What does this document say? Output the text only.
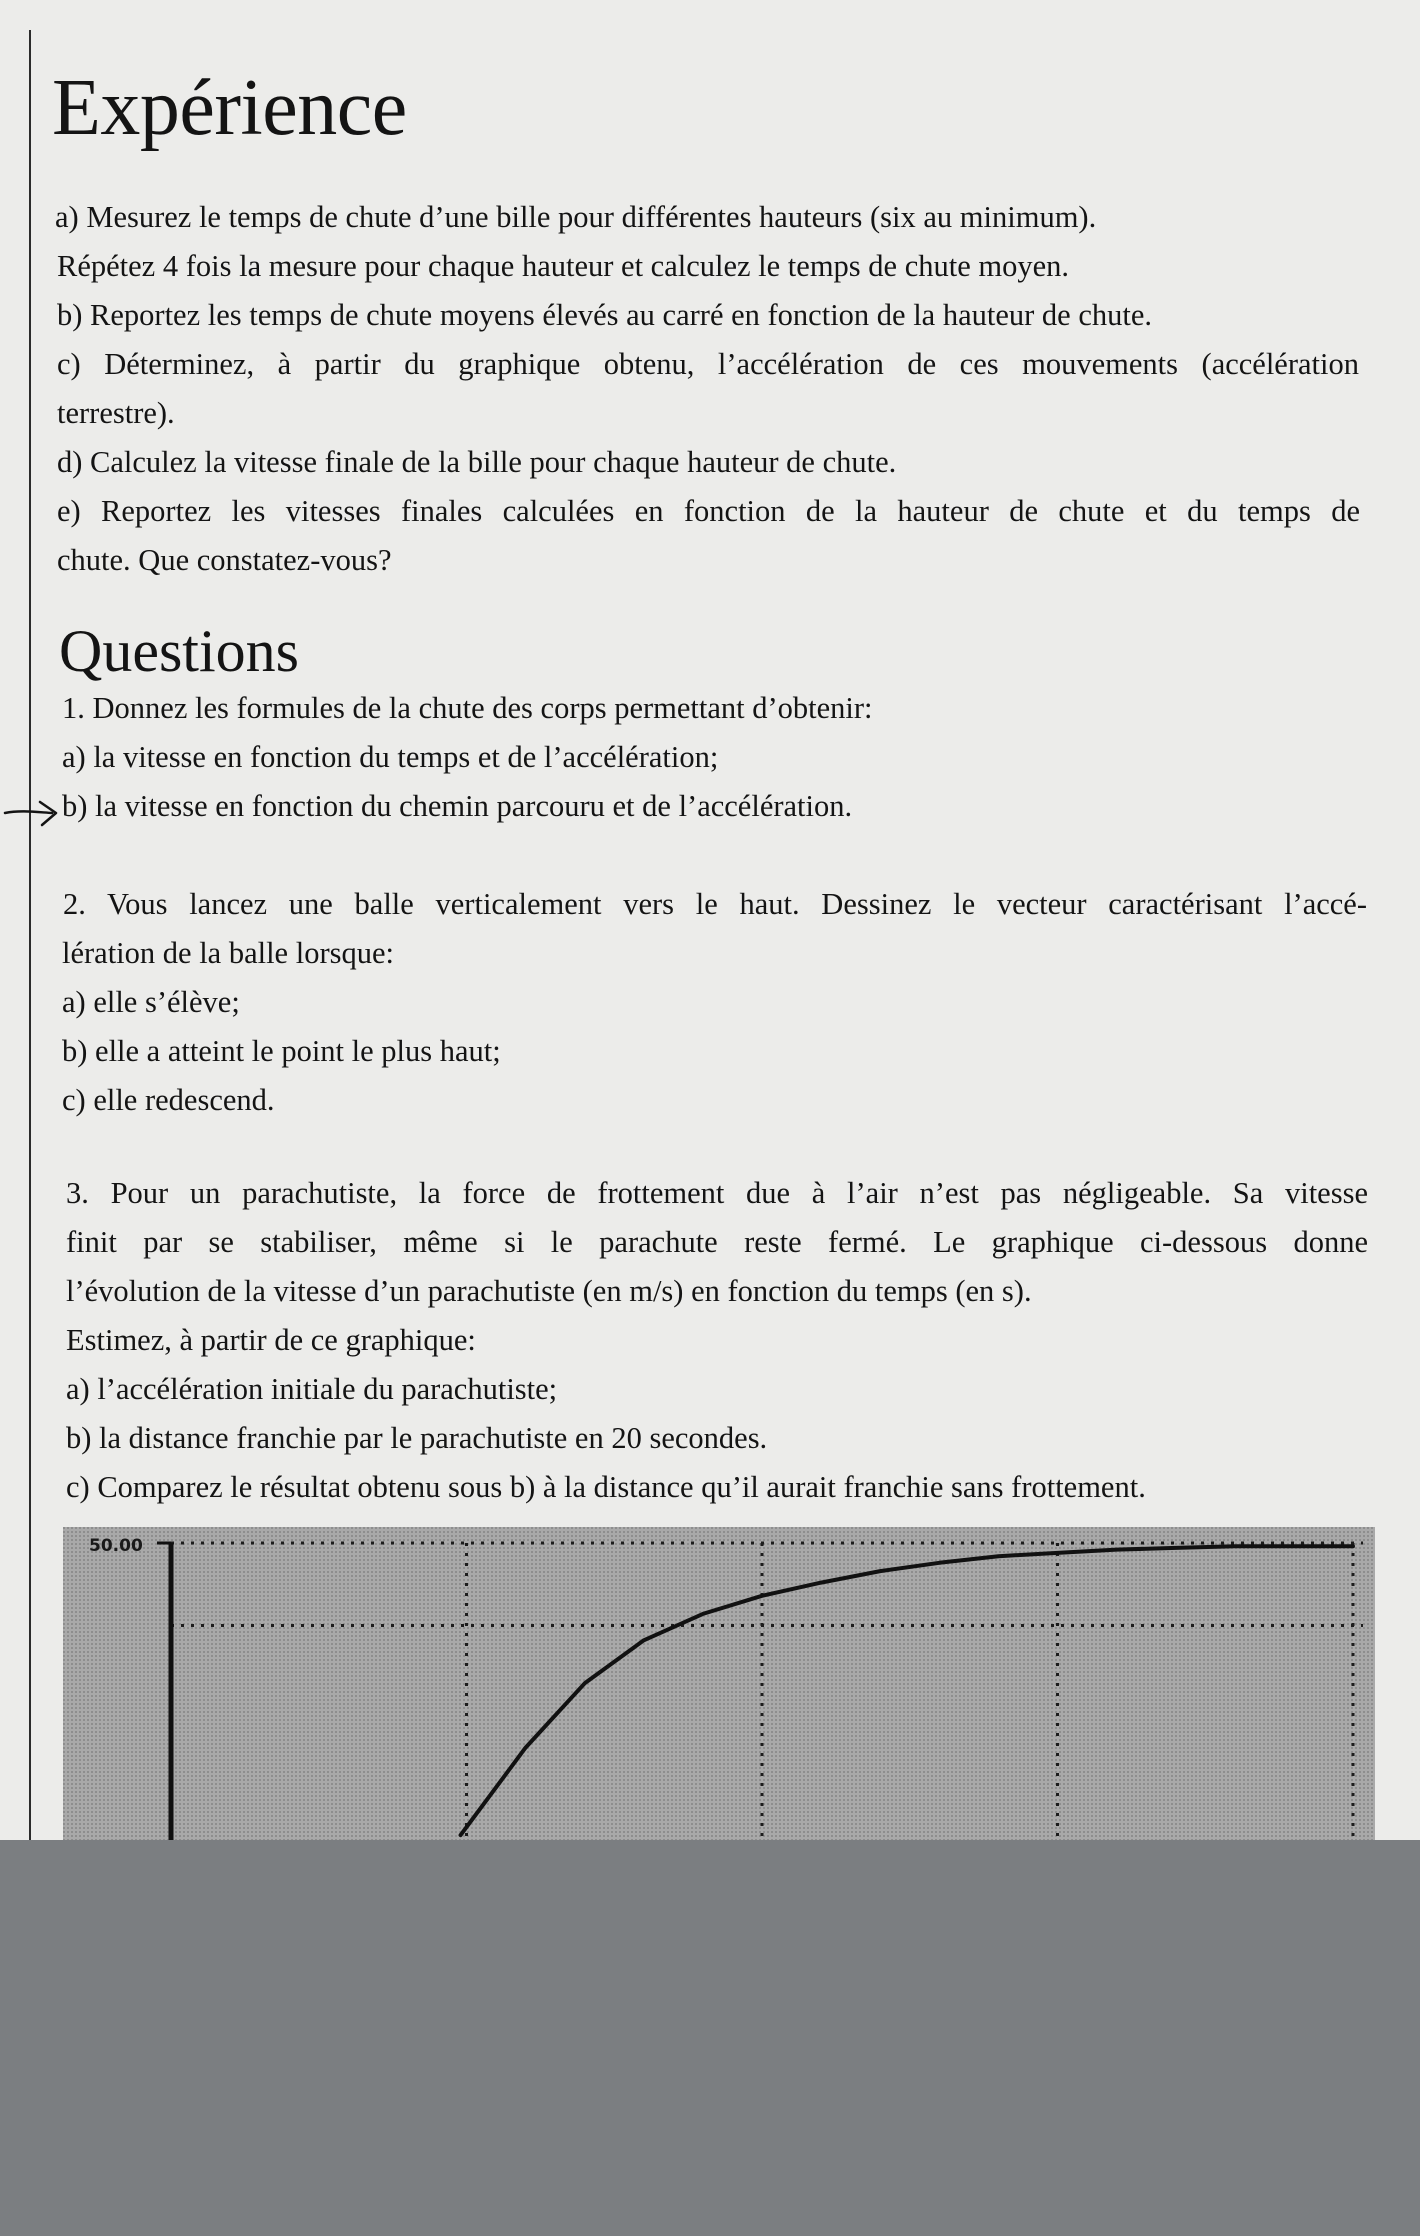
Expérience

a) Mesurez le temps de chute d’une bille pour différentes hauteurs (six au minimum).

Répétez 4 fois la mesure pour chaque hauteur et calculez le temps de chute moyen.

b) Reportez les temps de chute moyens élevés au carré en fonction de la hauteur de chute.

c) Déterminez, à partir du graphique obtenu, l’accélération de ces mouvements (accélération

terrestre).

d) Calculez la vitesse finale de la bille pour chaque hauteur de chute.

e) Reportez les vitesses finales calculées en fonction de la hauteur de chute et du temps de

chute. Que constatez-vous?

Questions

1. Donnez les formules de la chute des corps permettant d’obtenir:

a) la vitesse en fonction du temps et de l’accélération;

b) la vitesse en fonction du chemin parcouru et de l’accélération.

2. Vous lancez une balle verticalement vers le haut. Dessinez le vecteur caractérisant l’accé-

lération de la balle lorsque:

a) elle s’élève;

b) elle a atteint le point le plus haut;

c) elle redescend.

3. Pour un parachutiste, la force de frottement due à l’air n’est pas négligeable. Sa vitesse

finit par se stabiliser, même si le parachute reste fermé. Le graphique ci-dessous donne

l’évolution de la vitesse d’un parachutiste (en m/s) en fonction du temps (en s).

Estimez, à partir de ce graphique:

a) l’accélération initiale du parachutiste;

b) la distance franchie par le parachutiste en 20 secondes.

c) Comparez le résultat obtenu sous b) à la distance qu’il aurait franchie sans frottement.

50.00
